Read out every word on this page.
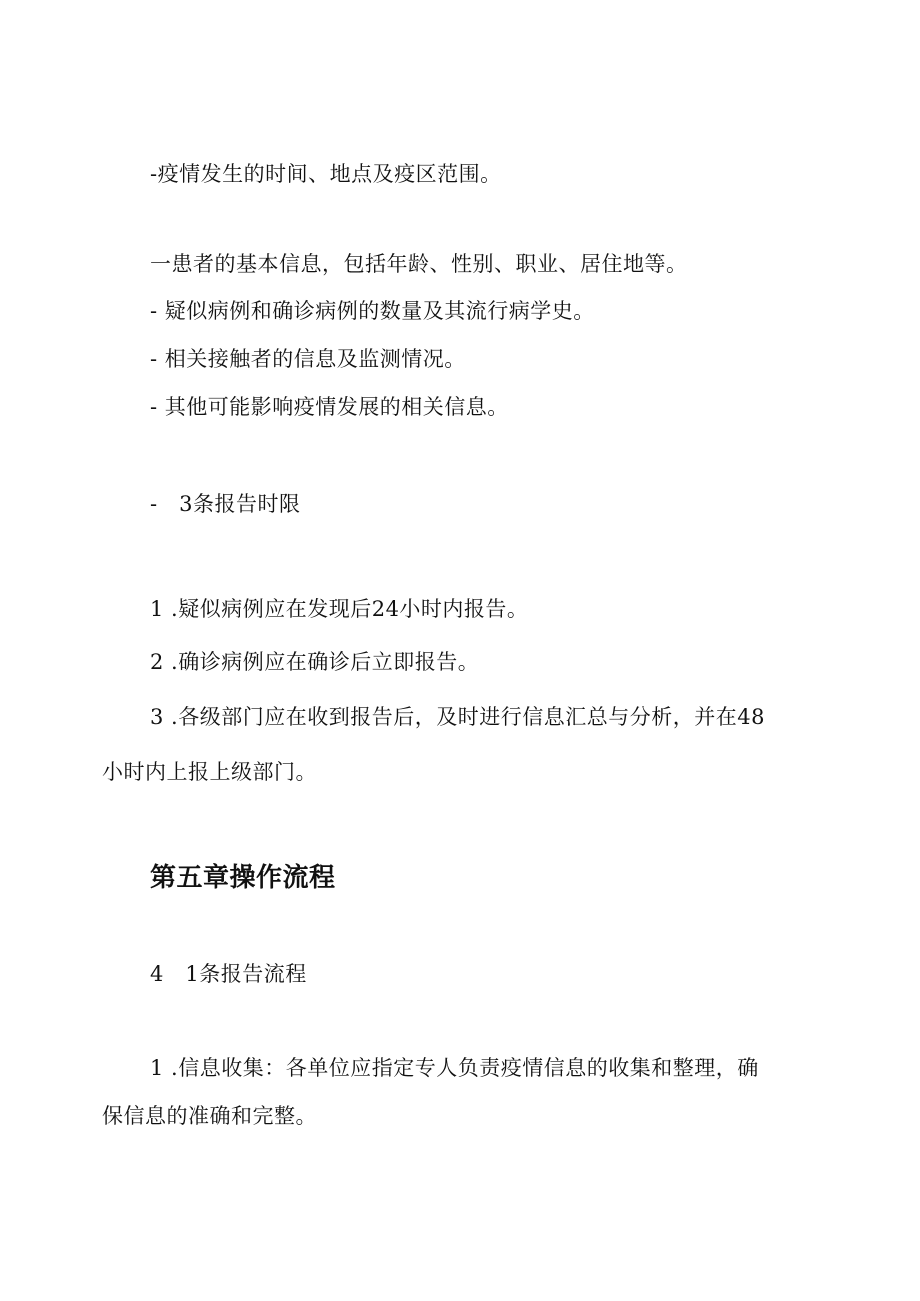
-疫情发生的时间、地点及疫区范围。
一患者的基本信息，包括年龄、性别、职业、居住地等。
- 疑似病例和确诊病例的数量及其流行病学史。
- 相关接触者的信息及监测情况。
- 其他可能影响疫情发展的相关信息。
-　3条报告时限
1 .疑似病例应在发现后24小时内报告。
2 .确诊病例应在确诊后立即报告。
3 .各级部门应在收到报告后，及时进行信息汇总与分析，并在48
小时内上报上级部门。
第五章操作流程
4　1条报告流程
1 .信息收集：各单位应指定专人负责疫情信息的收集和整理，确
保信息的准确和完整。
